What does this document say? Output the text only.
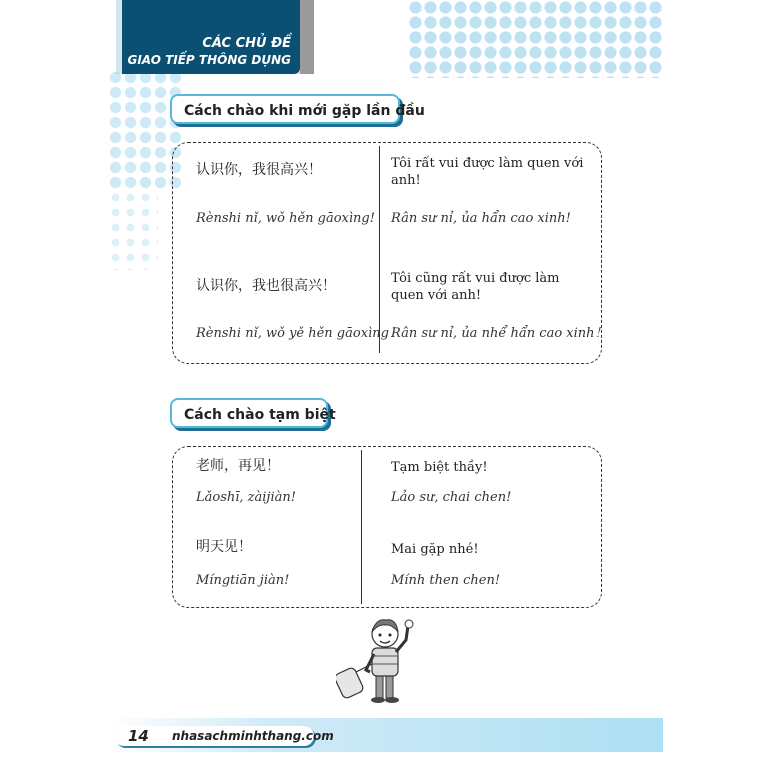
CÁC CHỦ ĐỀ
GIAO TIẾP THÔNG DỤNG
Cách chào khi mới gặp lần đầu
认识你，我很高兴！
Rènshi nǐ, wǒ hěn gāoxìng!
Tôi rất vui được làm quen với anh!
Rân sư nỉ, ủa hẩn cao xinh!
认识你，我也很高兴！
Rènshi nǐ, wǒ yě hěn gāoxìng！
Tôi cũng rất vui được làm quen với anh!
Rân sư nỉ, ủa nhể hẩn cao xinh！
Cách chào tạm biệt
老师，再见！
Lǎoshī, zàijiàn!
Tạm biệt thầy!
Lảo sư, chai chen!
明天见！
Míngtiān jiàn!
Mai gặp nhé!
Mính then chen!
14 nhasachminhthang.com
